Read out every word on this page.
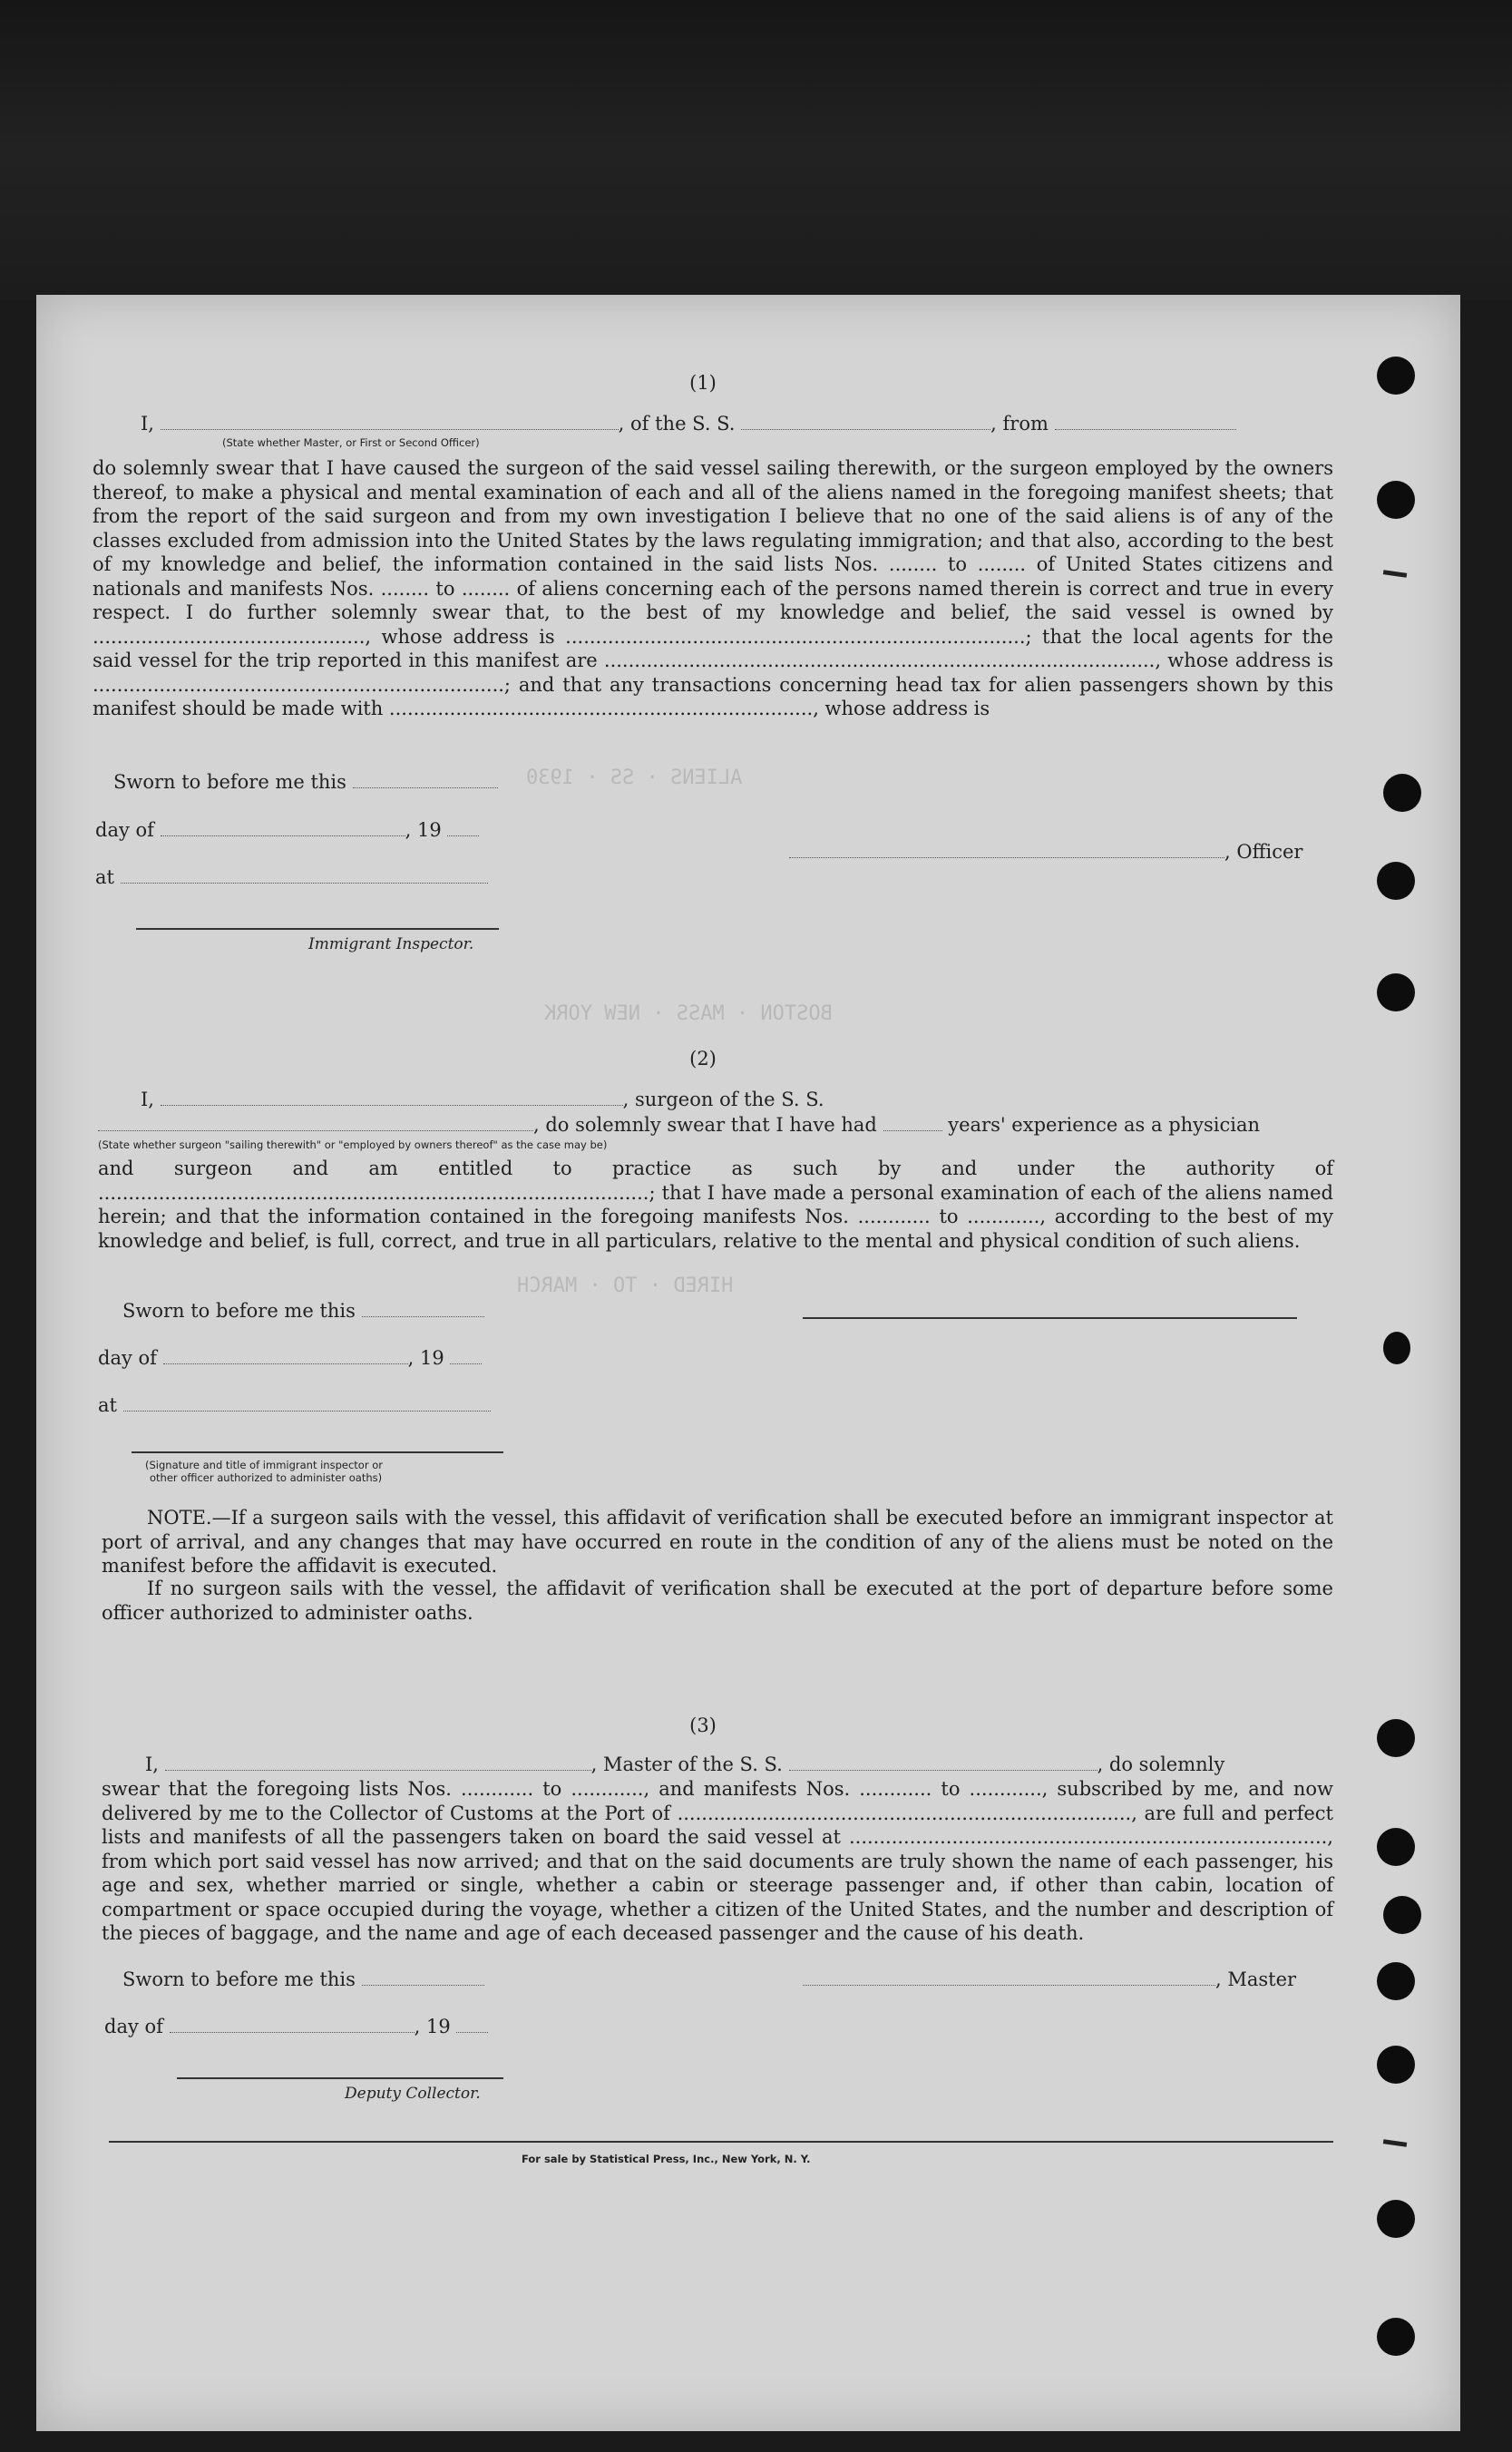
ALIENS · SS · 1930
BOSTON · MASS · NEW YORK
HIRED · TO · MARCH
(1)
I,	, of the S. S.	, from
(State whether Master, or First or Second Officer)
do solemnly swear that I have caused the surgeon of the said vessel sailing therewith, or the surgeon employed by the owners thereof, to make a physical and mental examination of each and all of the aliens named in the foregoing manifest sheets; that from the report of the said surgeon and from my own investigation I believe that no one of the said aliens is of any of the classes excluded from admission into the United States by the laws regulating immigration; and that also, according to the best of my knowledge and belief, the information contained in the said lists Nos. ........ to ........ of United States citizens and nationals and manifests Nos. ........ to ........ of aliens concerning each of the persons named therein is correct and true in every respect. I do further solemnly swear that, to the best of my knowledge and belief, the said vessel is owned by ............................................., whose address is ............................................................................; that the local agents for the said vessel for the trip reported in this manifest are ..........................................................................................., whose address is ....................................................................; and that any transactions concerning head tax for alien passengers shown by this manifest should be made with ......................................................................, whose address is
Sworn to before me this
day of	, 19
at
Immigrant Inspector.
, Officer
(2)
I,	, surgeon of the S. S.
, do solemnly swear that I have had	years' experience as a physician
(State whether surgeon "sailing therewith" or "employed by owners thereof" as the case may be)
and surgeon and am entitled to practice as such by and under the authority of ...........................................................................................; that I have made a personal examination of each of the aliens named herein; and that the information contained in the foregoing manifests Nos. ............ to ............, according to the best of my knowledge and belief, is full, correct, and true in all particulars, relative to the mental and physical condition of such aliens.
Sworn to before me this
day of	, 19
at
(Signature and title of immigrant inspector or
other officer authorized to administer oaths)
NOTE.—If a surgeon sails with the vessel, this affidavit of verification shall be executed before an immigrant inspector at port of arrival, and any changes that may have occurred en route in the condition of any of the aliens must be noted on the manifest before the affidavit is executed.
If no surgeon sails with the vessel, the affidavit of verification shall be executed at the port of departure before some officer authorized to administer oaths.
(3)
I,	, Master of the S. S.	, do solemnly
swear that the foregoing lists Nos. ............ to ............, and manifests Nos. ............ to ............, subscribed by me, and now delivered by me to the Collector of Customs at the Port of ..........................................................................., are full and perfect lists and manifests of all the passengers taken on board the said vessel at ..............................................................................., from which port said vessel has now arrived; and that on the said documents are truly shown the name of each passenger, his age and sex, whether married or single, whether a cabin or steerage passenger and, if other than cabin, location of compartment or space occupied during the voyage, whether a citizen of the United States, and the number and description of the pieces of baggage, and the name and age of each deceased passenger and the cause of his death.
Sworn to before me this	, Master
day of	, 19
Deputy Collector.
For sale by Statistical Press, Inc., New York, N. Y.
